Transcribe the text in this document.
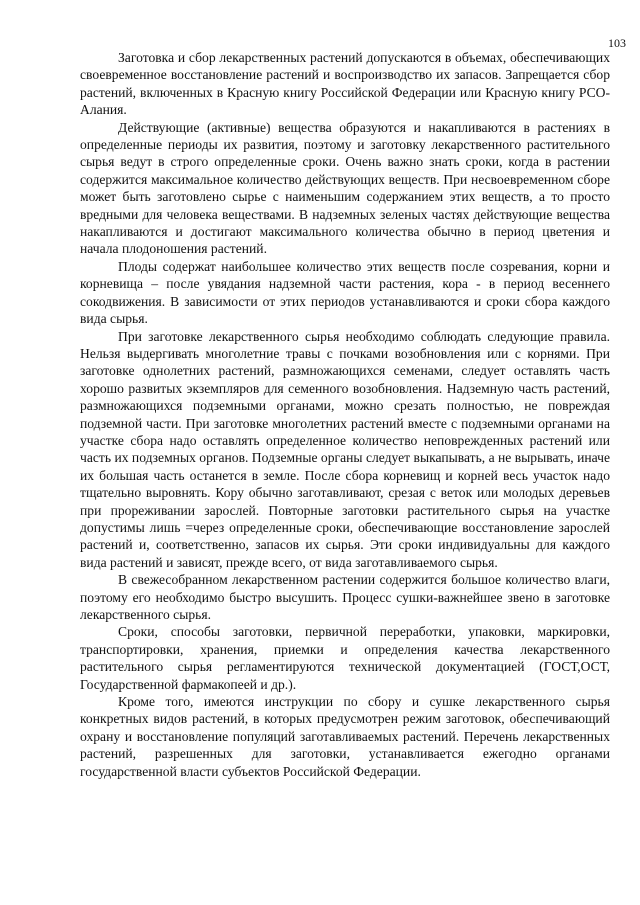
103

Заготовка и сбор лекарственных растений допускаются в объемах, обеспечивающих своевременное восстановление растений и воспроизводство их запасов. Запрещается сбор растений, включенных в Красную книгу Российской Федерации или Красную книгу РСО-Алания.

Действующие (активные) вещества образуются и накапливаются в растениях в определенные периоды их развития, поэтому и заготовку лекарственного растительного сырья ведут в строго определенные сроки. Очень важно знать сроки, когда в растении содержится максимальное количество действующих веществ. При несвоевременном сборе может быть заготовлено сырье с наименьшим содержанием этих веществ, а то просто вредными для человека веществами. В надземных зеленых частях действующие вещества накапливаются и достигают максимального количества обычно в период цветения и начала плодоношения растений.

Плоды содержат наибольшее количество этих веществ после созревания, корни и корневища – после увядания надземной части растения, кора - в период весеннего сокодвижения. В зависимости от этих периодов устанавливаются и сроки сбора каждого вида сырья.

При заготовке лекарственного сырья необходимо соблюдать следующие правила. Нельзя выдергивать многолетние травы с почками возобновления или с корнями. При заготовке однолетних растений, размножающихся семенами, следует оставлять часть хорошо развитых экземпляров для семенного возобновления. Надземную часть растений, размножающихся подземными органами, можно срезать полностью, не повреждая подземной части. При заготовке многолетних растений вместе с подземными органами на участке сбора надо оставлять определенное количество неповрежденных растений или часть их подземных органов. Подземные органы следует выкапывать, а не вырывать, иначе их большая часть останется в земле. После сбора корневищ и корней весь участок надо тщательно выровнять. Кору обычно заготавливают, срезая с веток или молодых деревьев при прореживании зарослей. Повторные заготовки растительного сырья на участке допустимы лишь =через определенные сроки, обеспечивающие восстановление зарослей растений и, соответственно, запасов их сырья. Эти сроки индивидуальны для каждого вида растений и зависят, прежде всего, от вида заготавливаемого сырья.

В свежесобранном лекарственном растении содержится большое количество влаги, поэтому его необходимо быстро высушить. Процесс сушки-важнейшее звено в заготовке лекарственного сырья.

Сроки, способы заготовки, первичной переработки, упаковки, маркировки, транспортировки, хранения, приемки и определения качества лекарственного растительного сырья регламентируются технической документацией (ГОСТ,ОСТ, Государственной фармакопеей и др.).

Кроме того, имеются инструкции по сбору и сушке лекарственного сырья конкретных видов растений, в которых предусмотрен режим заготовок, обеспечивающий охрану и восстановление популяций заготавливаемых растений. Перечень лекарственных растений, разрешенных для заготовки, устанавливается ежегодно органами государственной власти субъектов Российской Федерации.
